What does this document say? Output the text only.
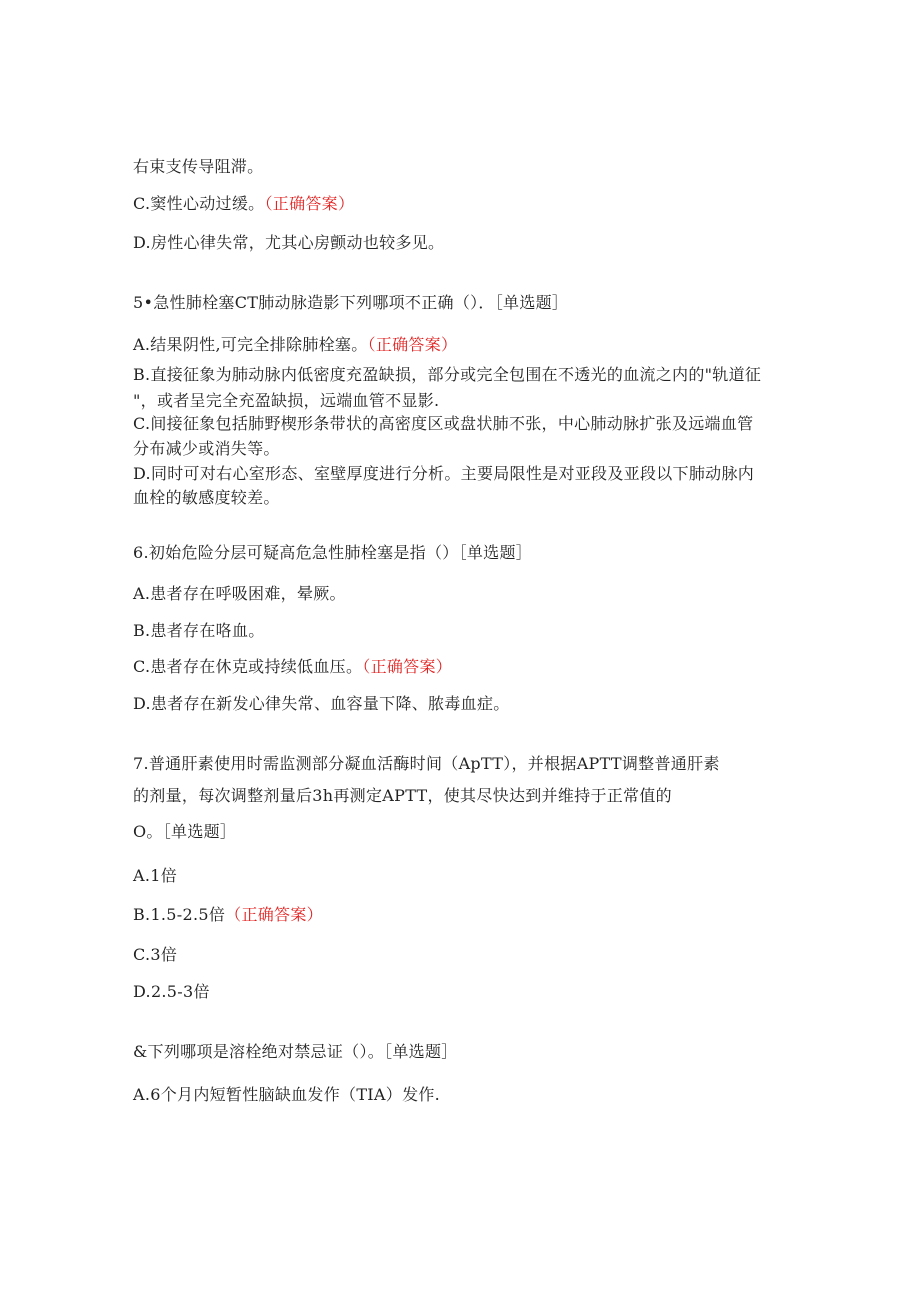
右束支传导阻滞。
C.窦性心动过缓。（正确答案）
D.房性心律失常，尤其心房颤动也较多见。
5•急性肺栓塞CT肺动脉造影下列哪项不正确（）．［单选题］
A.结果阴性,可完全排除肺栓塞。（正确答案）
B.直接征象为肺动脉内低密度充盈缺损，部分或完全包围在不透光的血流之内的"轨道征
"，或者呈完全充盈缺损，远端血管不显影.
C.间接征象包括肺野楔形条带状的高密度区或盘状肺不张，中心肺动脉扩张及远端血管
分布减少或消失等。
D.同时可对右心室形态、室壁厚度进行分析。主要局限性是对亚段及亚段以下肺动脉内
血栓的敏感度较差。
6.初始危险分层可疑高危急性肺栓塞是指（）［单选题］
A.患者存在呼吸困难，晕厥。
B.患者存在咯血。
C.患者存在休克或持续低血压。（正确答案）
D.患者存在新发心律失常、血容量下降、脓毒血症。
7.普通肝素使用时需监测部分凝血活酶时间（ApTT），并根据APTT调整普通肝素
的剂量，每次调整剂量后3h再测定APTT，使其尽快达到并维持于正常值的
O。［单选题］
A.1倍
B.1.5-2.5倍（正确答案）
C.3倍
D.2.5-3倍
&下列哪项是溶栓绝对禁忌证（）。［单选题］
A.6个月内短暂性脑缺血发作（TIA）发作.
